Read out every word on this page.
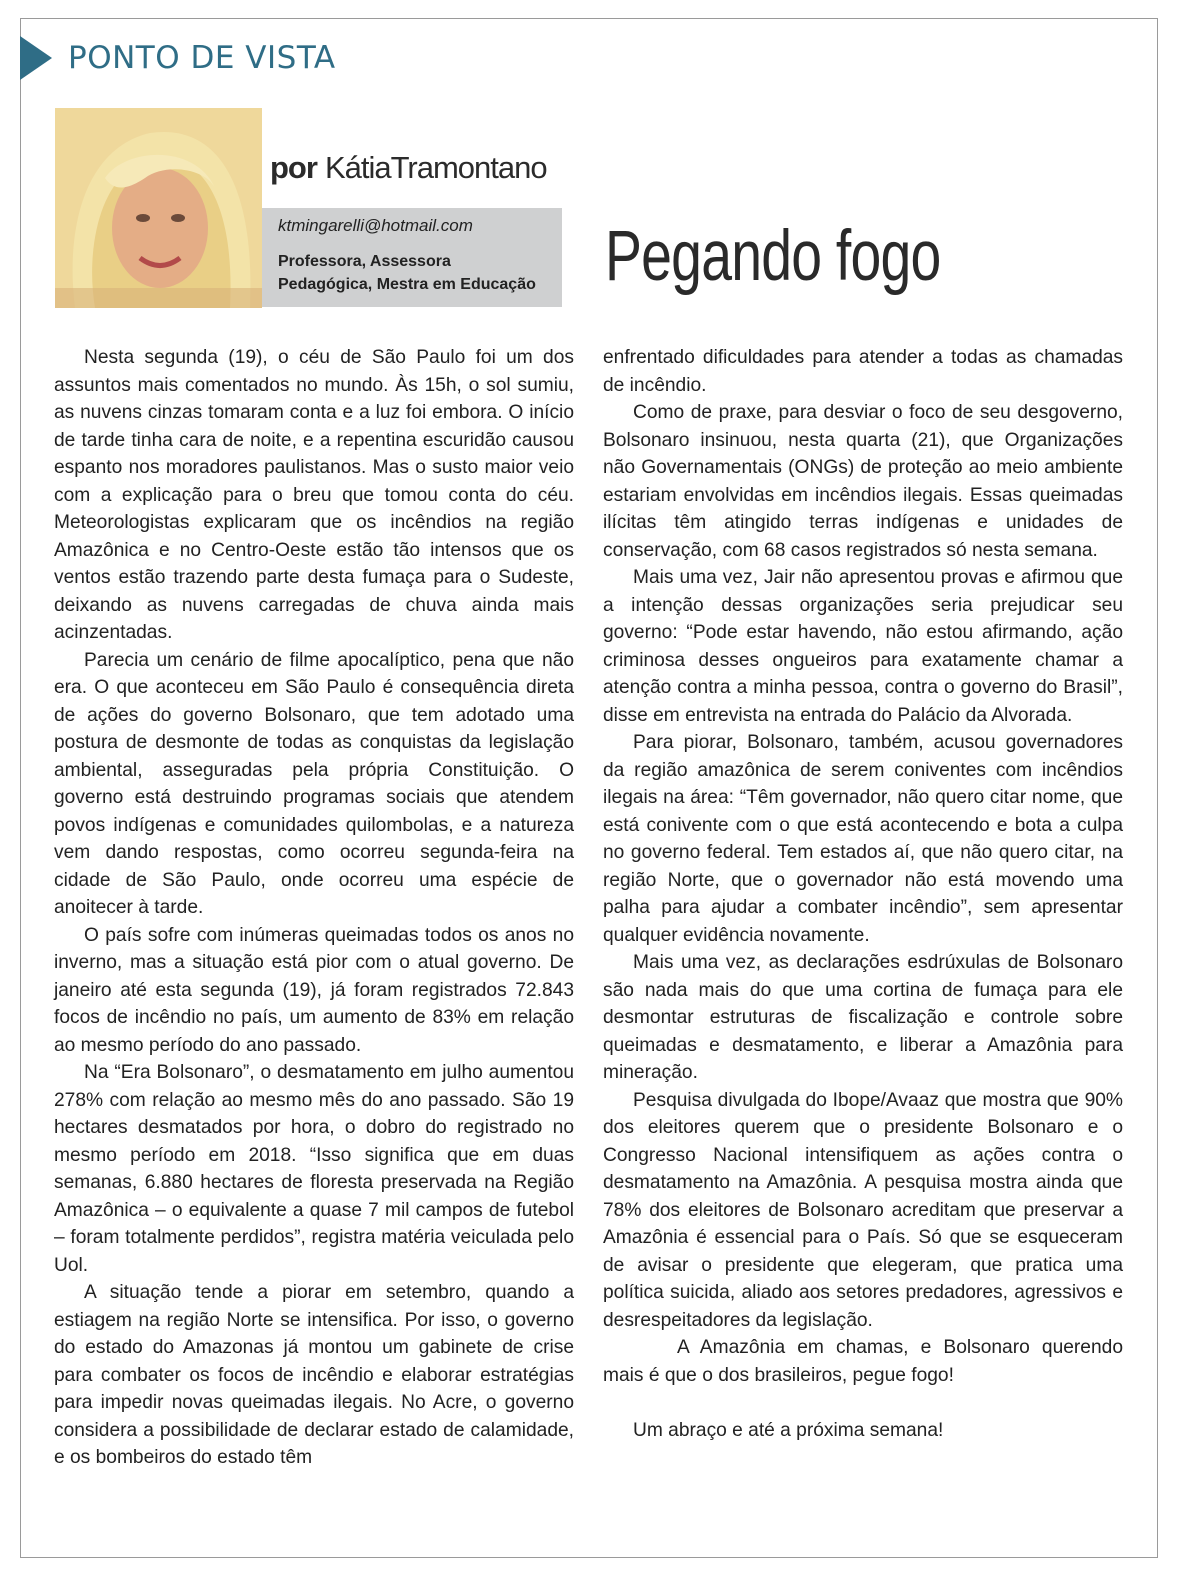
PONTO DE VISTA
por KátiaTramontano
ktmingarelli@hotmail.com
Professora, Assessora
Pedagógica, Mestra em Educação Pegando fogo

Nesta segunda (19), o céu de São Paulo foi um dos assuntos mais comentados no mundo. Às 15h, o sol sumiu, as nuvens cinzas tomaram conta e a luz foi embora. O início de tarde tinha cara de noite, e a repentina escuridão causou espanto nos moradores paulistanos. Mas o susto maior veio com a explicação para o breu que tomou conta do céu. Meteorologistas explicaram que os incêndios na região Amazônica e no Centro-Oeste estão tão intensos que os ventos estão trazendo parte desta fumaça para o Sudeste, deixando as nuvens carregadas de chuva ainda mais acinzentadas.

Parecia um cenário de filme apocalíptico, pena que não era. O que aconteceu em São Paulo é consequência direta de ações do governo Bolsonaro, que tem adotado uma postura de desmonte de todas as conquistas da legislação ambiental, asseguradas pela própria Constituição. O governo está destruindo programas sociais que atendem povos indígenas e comunidades quilombolas, e a natureza vem dando respostas, como ocorreu segunda-feira na cidade de São Paulo, onde ocorreu uma espécie de anoitecer à tarde.

O país sofre com inúmeras queimadas todos os anos no inverno, mas a situação está pior com o atual governo. De janeiro até esta segunda (19), já foram registrados 72.843 focos de incêndio no país, um aumento de 83% em relação ao mesmo período do ano passado.

Na “Era Bolsonaro”, o desmatamento em julho aumentou 278% com relação ao mesmo mês do ano passado. São 19 hectares desmatados por hora, o dobro do registrado no mesmo período em 2018. “Isso significa que em duas semanas, 6.880 hectares de floresta preservada na Região Amazônica – o equivalente a quase 7 mil campos de futebol – foram totalmente perdidos”, registra matéria veiculada pelo Uol.

A situação tende a piorar em setembro, quando a estiagem na região Norte se intensifica. Por isso, o governo do estado do Amazonas já montou um gabinete de crise para combater os focos de incêndio e elaborar estratégias para impedir novas queimadas ilegais. No Acre, o governo considera a possibilidade de declarar estado de calamidade, e os bombeiros do estado têm

enfrentado dificuldades para atender a todas as chamadas de incêndio.

Como de praxe, para desviar o foco de seu desgoverno, Bolsonaro insinuou, nesta quarta (21), que Organizações não Governamentais (ONGs) de proteção ao meio ambiente estariam envolvidas em incêndios ilegais. Essas queimadas ilícitas têm atingido terras indígenas e unidades de conservação, com 68 casos registrados só nesta semana.

Mais uma vez, Jair não apresentou provas e afirmou que a intenção dessas organizações seria prejudicar seu governo: “Pode estar havendo, não estou afirmando, ação criminosa desses ongueiros para exatamente chamar a atenção contra a minha pessoa, contra o governo do Brasil”, disse em entrevista na entrada do Palácio da Alvorada.

Para piorar, Bolsonaro, também, acusou governadores da região amazônica de serem coniventes com incêndios ilegais na área: “Têm governador, não quero citar nome, que está conivente com o que está acontecendo e bota a culpa no governo federal. Tem estados aí, que não quero citar, na região Norte, que o governador não está movendo uma palha para ajudar a combater incêndio”, sem apresentar qualquer evidência novamente.

Mais uma vez, as declarações esdrúxulas de Bolsonaro são nada mais do que uma cortina de fumaça para ele desmontar estruturas de fiscalização e controle sobre queimadas e desmatamento, e liberar a Amazônia para mineração.

Pesquisa divulgada do Ibope/Avaaz que mostra que 90% dos eleitores querem que o presidente Bolsonaro e o Congresso Nacional intensifiquem as ações contra o desmatamento na Amazônia. A pesquisa mostra ainda que 78% dos eleitores de Bolsonaro acreditam que preservar a Amazônia é essencial para o País. Só que se esqueceram de avisar o presidente que elegeram, que pratica uma política suicida, aliado aos setores predadores, agressivos e desrespeitadores da legislação.

A Amazônia em chamas, e Bolsonaro querendo mais é que o dos brasileiros, pegue fogo!

Um abraço e até a próxima semana!
